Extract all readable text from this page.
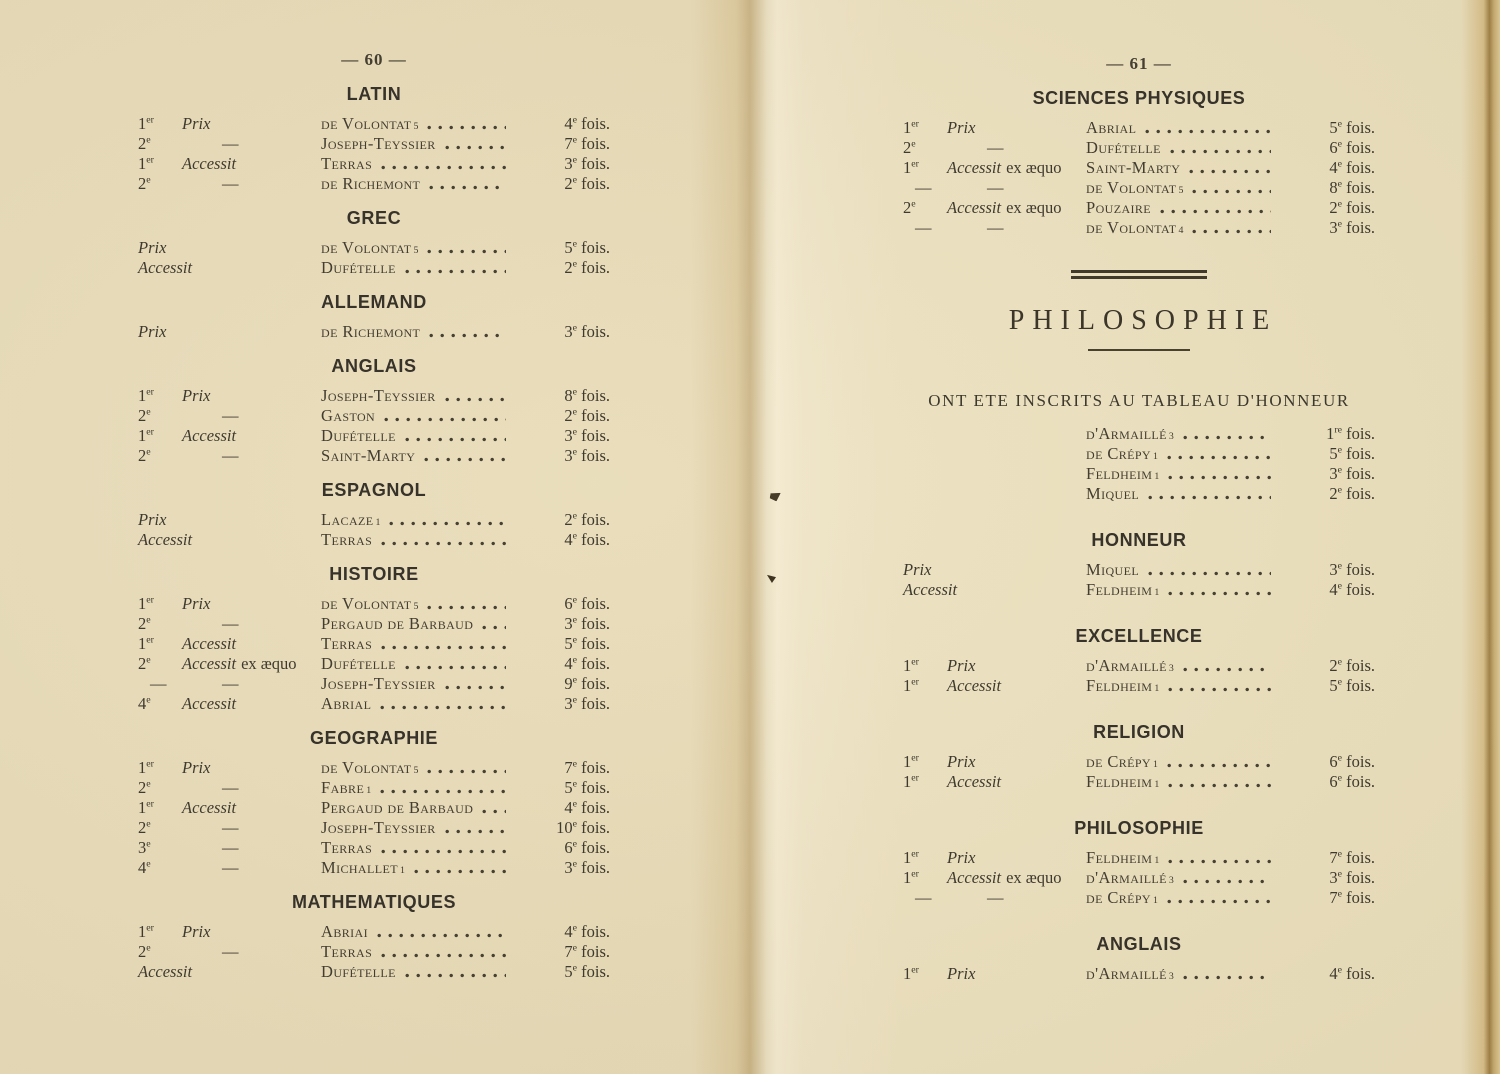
— 60 —
LATIN
1er Prix	de Volontat 5	4e fois.
2e	—	Joseph-Teyssier	7e fois.
1er Accessit	Terras	3e fois.
2e	—	de Richemont	2e fois.
GREC
Prix	de Volontat 5	5e fois.
Accessit	Dufételle	2e fois.
ALLEMAND
Prix	de Richemont	3e fois.
ANGLAIS
1er Prix	Joseph-Teyssier	8e fois.
2e	—	Gaston	2e fois.
1er Accessit	Dufételle	3e fois.
2e	—	Saint-Marty	3e fois.
ESPAGNOL
Prix	Lacaze 1	2e fois.
Accessit	Terras	4e fois.
HISTOIRE
1er Prix	de Volontat 5	6e fois.
2e	—	Pergaud de Barbaud	3e fois.
1er Accessit	Terras	5e fois.
2e Accessit ex æquo	Dufételle	4e fois.
—	—	Joseph-Teyssier	9e fois.
4e Accessit	Abrial	3e fois.
GEOGRAPHIE
1er Prix	de Volontat 5	7e fois.
2e	—	Fabre 1	5e fois.
1er Accessit	Pergaud de Barbaud	4e fois.
2e	—	Joseph-Teyssier	10e fois.
3e	—	Terras	6e fois.
4e	—	Michallet 1	3e fois.
MATHEMATIQUES
1er Prix	Abriai	4e fois.
2e	—	Terras	7e fois.
Accessit	Dufételle	5e fois.
— 61 —
SCIENCES PHYSIQUES
1er Prix	Abrial	5e fois.
2e	—	Dufételle	6e fois.
1er Accessit ex æquo	Saint-Marty	4e fois.
—	—	de Volontat 5	8e fois.
2e Accessit ex æquo	Pouzaire	2e fois.
—	—	de Volontat 4	3e fois.
PHILOSOPHIE
ONT ETE INSCRITS AU TABLEAU D'HONNEUR
d'Armaillé 3	1re fois.
de Crépy 1	5e fois.
Feldheim 1	3e fois.
Miquel	2e fois.
HONNEUR
Prix	Miquel	3e fois.
Accessit	Feldheim 1	4e fois.
EXCELLENCE
1er Prix	d'Armaillé 3	2e fois.
1er Accessit	Feldheim 1	5e fois.
RELIGION
1er Prix	de Crépy 1	6e fois.
1er Accessit	Feldheim 1	6e fois.
PHILOSOPHIE
1er Prix	Feldheim 1	7e fois.
1er Accessit ex æquo	d'Armaillé 3	3e fois.
—	—	de Crépy 1	7e fois.
ANGLAIS
1er Prix	d'Armaillé 3	4e fois.
